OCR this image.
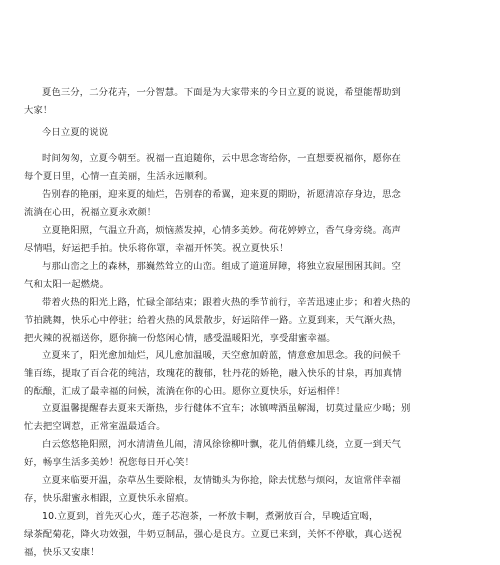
夏色三分，二分花卉，一分智慧。下面是为大家带来的今日立夏的说说，希望能帮助到
大家！
今日立夏的说说
时间匆匆，立夏今朝至。祝福一直追随你，云中思念寄给你，一直想要祝福你，愿你在
每个夏日里，心情一直美丽，生活永远顺利。
告别春的艳丽，迎来夏的灿烂，告别春的希翼，迎来夏的期盼，祈愿清凉存身边，思念
流淌在心田，祝福立夏永欢颜！
立夏艳阳照，气温立升高，烦恼蒸发掉，心情多美妙。荷花婷婷立，香气身旁绕。高声
尽情唱，好运把手拍。快乐将你罩，幸福开怀笑。祝立夏快乐！
与那山峦之上的森林，那巍然耸立的山峦。组成了道道屏障，将独立寂屋围困其间。空
气和太阳一起燃烧。
带着火热的阳光上路，忙碌全部结束；跟着火热的季节前行，辛苦迅速止步；和着火热的
节拍跳舞，快乐心中停驻；给着火热的风景散步，好运陪伴一路。立夏到来，天气渐火热，
把火辣的祝福送你，愿你摘一份悠闲心情，感受温暖阳光，享受甜蜜幸福。
立夏来了，阳光愈加灿烂，风儿愈加温暖，天空愈加蔚蓝，情意愈加思念。我的问候千
雏百练，提取了百合花的纯洁，玫瑰花的馥郁，牡丹花的娇艳，融入快乐的甘泉，再加真情
的酝酿，汇成了最幸福的问候，流淌在你的心田。愿你立夏快乐，好运相伴！
立夏温馨提醒春去夏来天渐热，步行健体不宜车；冰镇啤酒虽解渴，切莫过量应少喝；别
忙去把空调惹，正常室温最适合。
白云悠悠艳阳照，河水清清鱼儿闹，清风徐徐柳叶飘，花儿俏俏蝶儿绕，立夏一到天气
好，畅享生活多美妙！祝您每日开心笑！
立夏来临要开温，杂草丛生要除根，友情锄头为你抢，除去忧愁与烦闷，友谊常伴幸福
存，快乐甜蜜永相跟，立夏快乐永留痕。
10.立夏到，首先灭心火，莲子芯泡茶，一杯放卡啊，煮粥放百合，早晚适宜喝，
绿茶配菊花，降火功效强，牛奶豆制品，强心是良方。立夏已来到，关怀不停歇，真心送祝
福，快乐又安康！
